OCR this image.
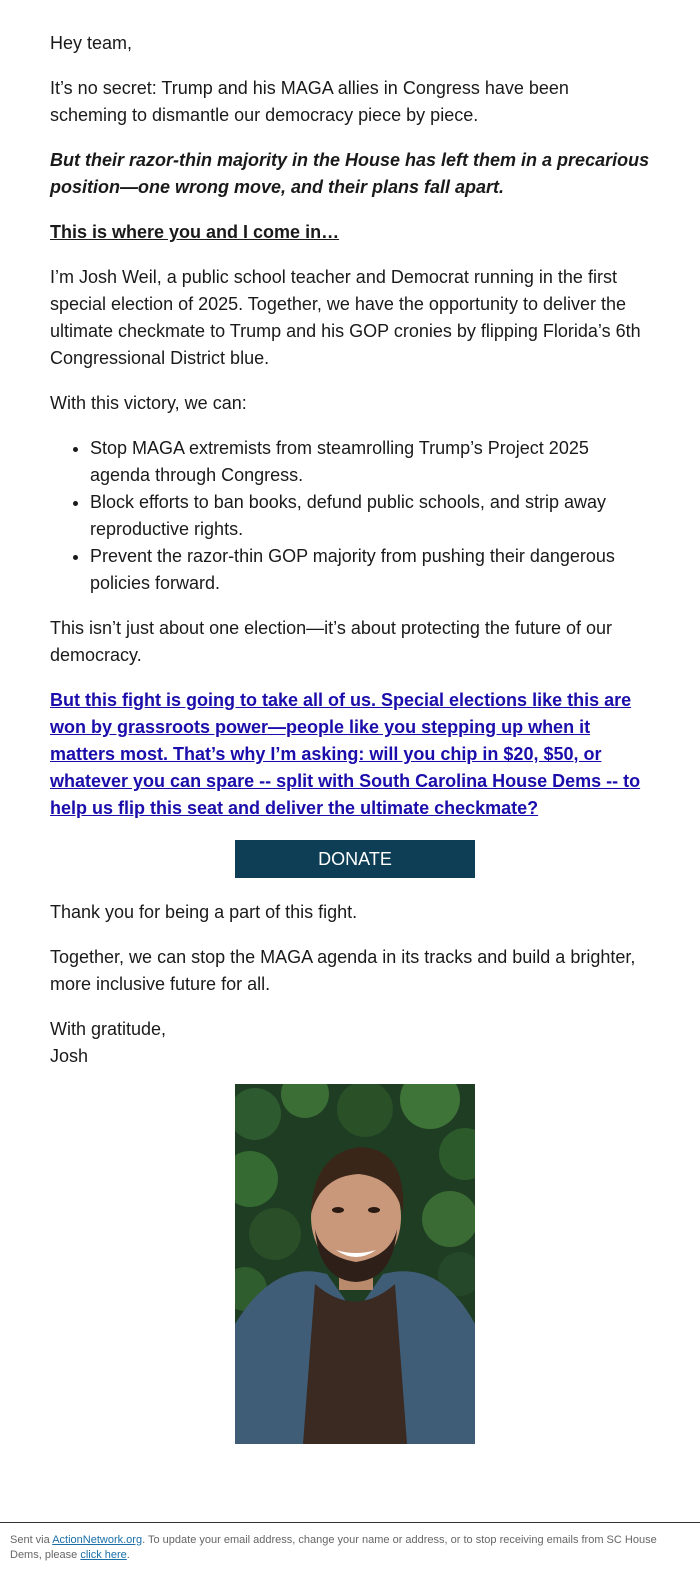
Hey team,

It’s no secret: Trump and his MAGA allies in Congress have been scheming to dismantle our democracy piece by piece.

But their razor-thin majority in the House has left them in a precarious position—one wrong move, and their plans fall apart.

This is where you and I come in…

I’m Josh Weil, a public school teacher and Democrat running in the first special election of 2025. Together, we have the opportunity to deliver the ultimate checkmate to Trump and his GOP cronies by flipping Florida’s 6th Congressional District blue.

With this victory, we can:

• Stop MAGA extremists from steamrolling Trump’s Project 2025 agenda through Congress.
• Block efforts to ban books, defund public schools, and strip away reproductive rights.
• Prevent the razor-thin GOP majority from pushing their dangerous policies forward.

This isn’t just about one election—it’s about protecting the future of our democracy.

But this fight is going to take all of us. Special elections like this are won by grassroots power—people like you stepping up when it matters most. That’s why I’m asking: will you chip in $20, $50, or whatever you can spare -- split with South Carolina House Dems -- to help us flip this seat and deliver the ultimate checkmate?

DONATE

Thank you for being a part of this fight.

Together, we can stop the MAGA agenda in its tracks and build a brighter, more inclusive future for all.

With gratitude,
Josh

Sent via ActionNetwork.org. To update your email address, change your name or address, or to stop receiving emails from SC House Dems, please click here.
